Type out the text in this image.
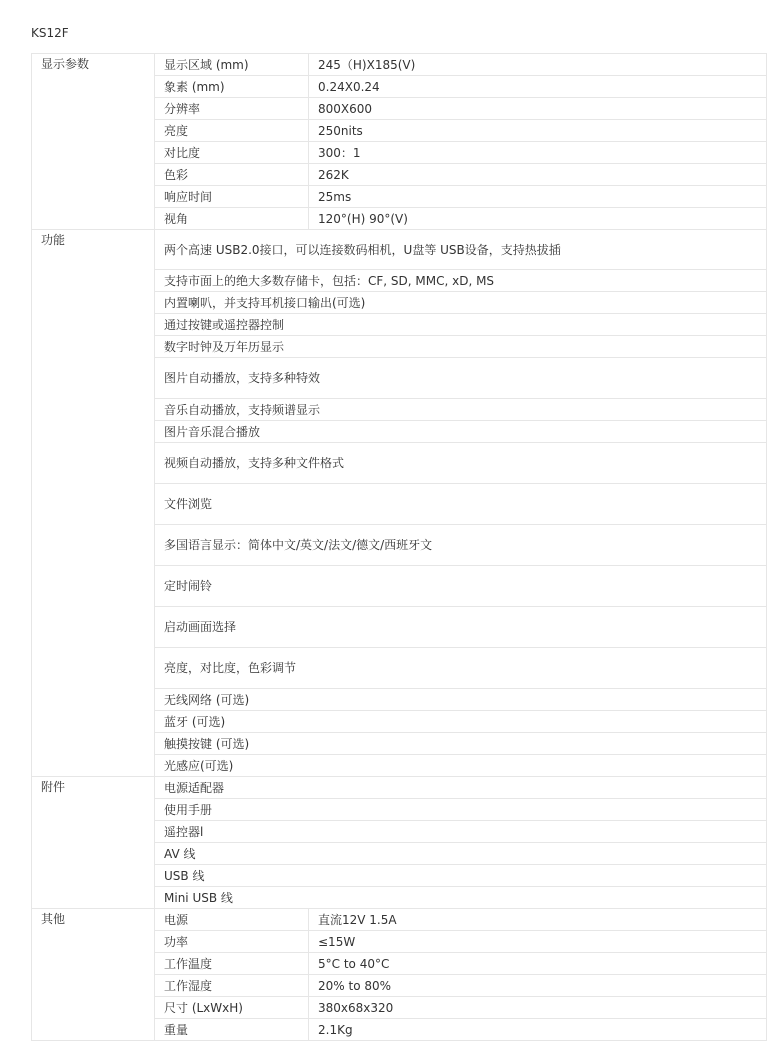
KS12F
显示参数	显示区域 (mm)	245（H)X185(V)
	象素 (mm)	0.24X0.24
	分辨率	800X600
	亮度	250nits
	对比度	300：1
	色彩	262K
	响应时间	25ms
	视角	120°(H) 90°(V)
功能	两个高速 USB2.0接口，可以连接数码相机，U盘等 USB设备，支持热拔插	
	支持市面上的绝大多数存储卡，包括：CF, SD, MMC, xD, MS	
	内置喇叭，并支持耳机接口输出(可选)	
	通过按键或遥控器控制	
	数字时钟及万年历显示	
	图片自动播放，支持多种特效	
	音乐自动播放，支持频谱显示	
	图片音乐混合播放	
	视频自动播放，支持多种文件格式	
	文件浏览	
	多国语言显示：简体中文/英文/法文/德文/西班牙文	
	定时闹铃	
	启动画面选择	
	亮度，对比度，色彩调节	
	无线网络 (可选)	
	蓝牙 (可选)	
	触摸按键 (可选)	
	光感应(可选)	
附件	电源适配器	
	使用手册	
	遥控器l	
	AV 线	
	USB 线	
	Mini USB 线	
其他	电源	直流12V 1.5A
	功率	≤15W
	工作温度	5°C to 40°C
	工作湿度	20% to 80%
	尺寸 (LxWxH)	380x68x320
	重量	2.1Kg
